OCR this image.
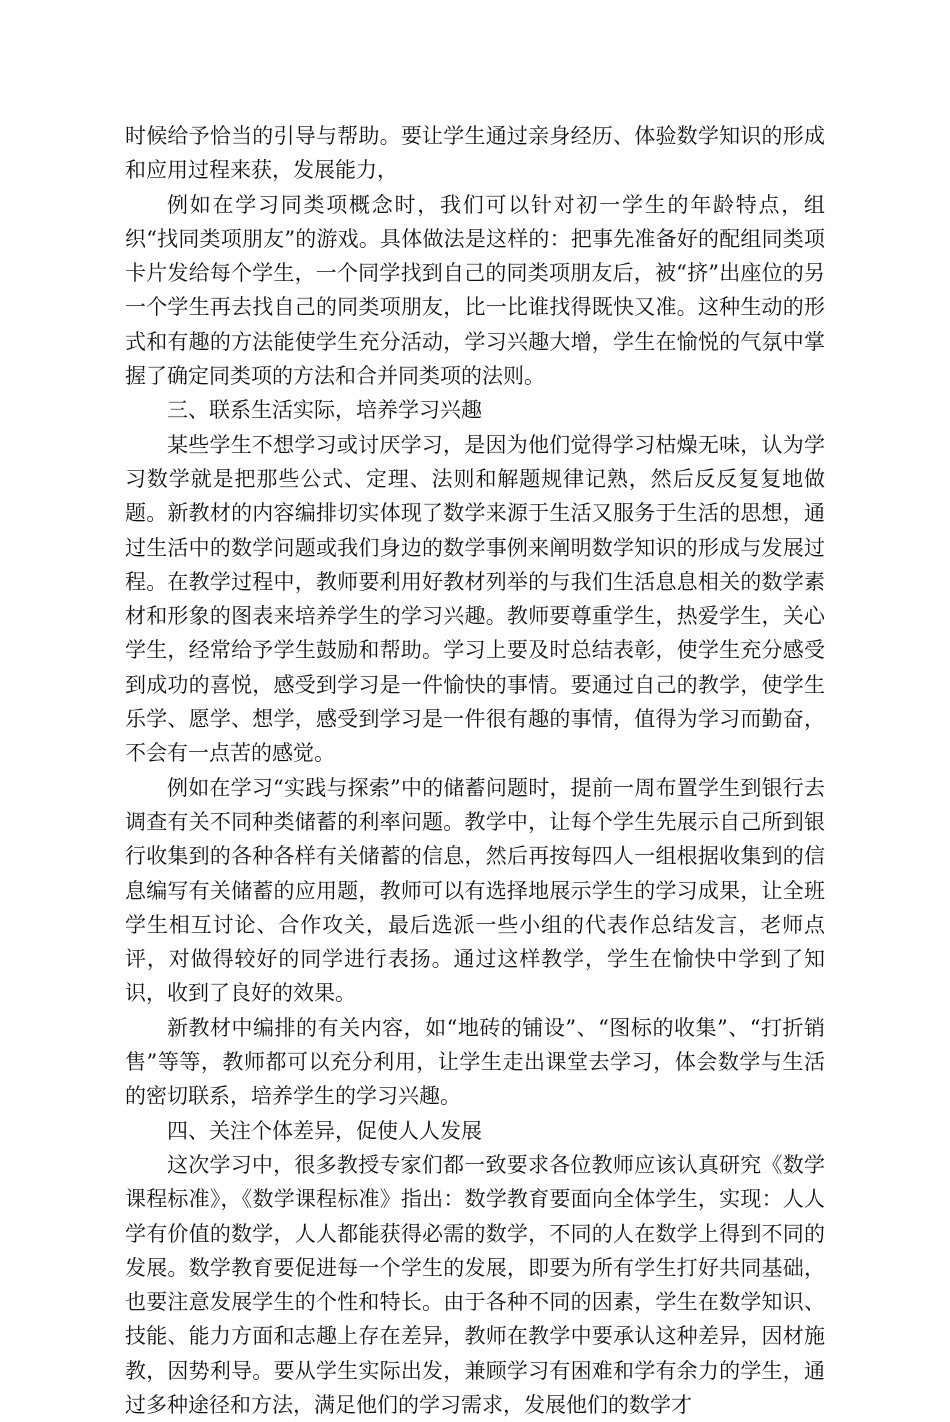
时候给予恰当的引导与帮助。要让学生通过亲身经历、体验数学知识的形成和应用过程来获，发展能力，

例如在学习同类项概念时，我们可以针对初一学生的年龄特点，组织“找同类项朋友”的游戏。具体做法是这样的：把事先准备好的配组同类项卡片发给每个学生，一个同学找到自己的同类项朋友后，被“挤”出座位的另一个学生再去找自己的同类项朋友，比一比谁找得既快又准。这种生动的形式和有趣的方法能使学生充分活动，学习兴趣大增，学生在愉悦的气氛中掌握了确定同类项的方法和合并同类项的法则。

三、联系生活实际，培养学习兴趣

某些学生不想学习或讨厌学习，是因为他们觉得学习枯燥无味，认为学习数学就是把那些公式、定理、法则和解题规律记熟，然后反反复复地做题。新教材的内容编排切实体现了数学来源于生活又服务于生活的思想，通过生活中的数学问题或我们身边的数学事例来阐明数学知识的形成与发展过程。在教学过程中，教师要利用好教材列举的与我们生活息息相关的数学素材和形象的图表来培养学生的学习兴趣。教师要尊重学生，热爱学生，关心学生，经常给予学生鼓励和帮助。学习上要及时总结表彰，使学生充分感受到成功的喜悦，感受到学习是一件愉快的事情。要通过自己的教学，使学生乐学、愿学、想学，感受到学习是一件很有趣的事情，值得为学习而勤奋，不会有一点苦的感觉。

例如在学习“实践与探索”中的储蓄问题时，提前一周布置学生到银行去调查有关不同种类储蓄的利率问题。教学中，让每个学生先展示自己所到银行收集到的各种各样有关储蓄的信息，然后再按每四人一组根据收集到的信息编写有关储蓄的应用题，教师可以有选择地展示学生的学习成果，让全班学生相互讨论、合作攻关，最后选派一些小组的代表作总结发言，老师点评，对做得较好的同学进行表扬。通过这样教学，学生在愉快中学到了知识，收到了良好的效果。

新教材中编排的有关内容，如“地砖的铺设”、“图标的收集”、“打折销售”等等，教师都可以充分利用，让学生走出课堂去学习，体会数学与生活的密切联系，培养学生的学习兴趣。

四、关注个体差异，促使人人发展

这次学习中，很多教授专家们都一致要求各位教师应该认真研究《数学课程标准》，《数学课程标准》指出：数学教育要面向全体学生，实现：人人学有价值的数学，人人都能获得必需的数学，不同的人在数学上得到不同的发展。数学教育要促进每一个学生的发展，即要为所有学生打好共同基础，也要注意发展学生的个性和特长。由于各种不同的因素，学生在数学知识、技能、能力方面和志趣上存在差异，教师在教学中要承认这种差异，因材施教，因势利导。要从学生实际出发，兼顾学习有困难和学有余力的学生，通过多种途径和方法，满足他们的学习需求，发展他们的数学才
